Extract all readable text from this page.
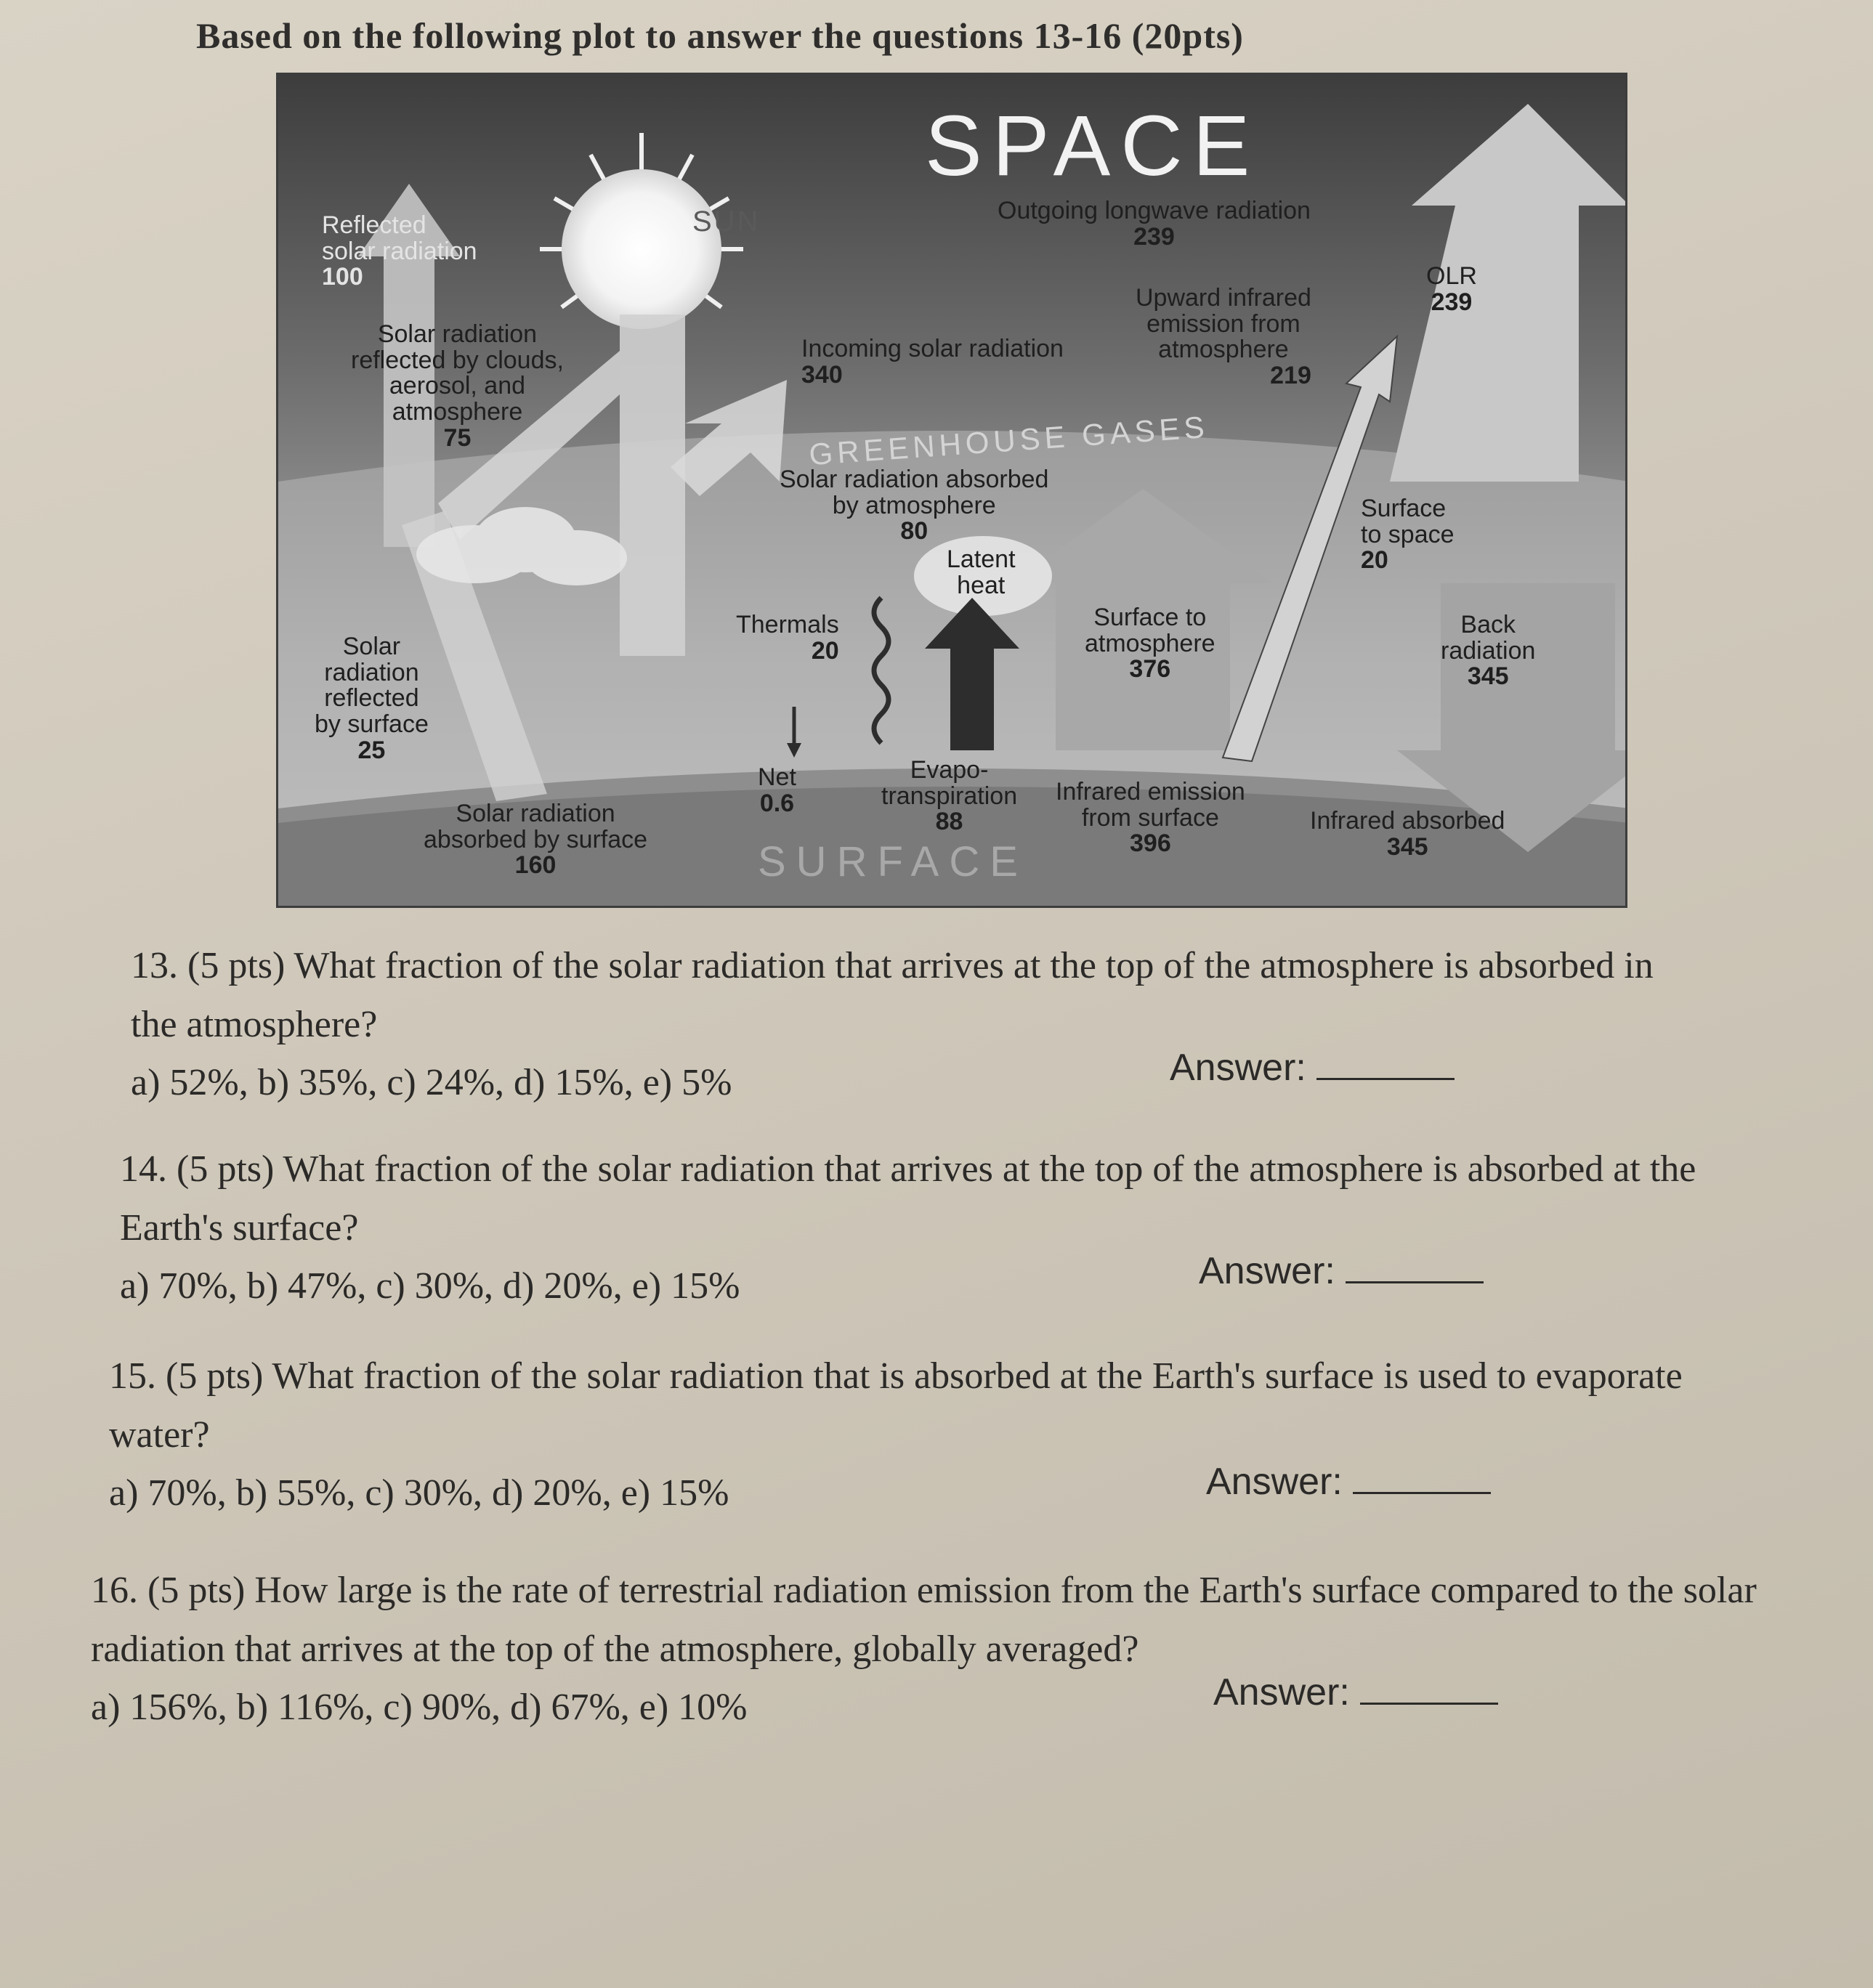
Based on the following plot to answer the questions 13-16 (20pts)
SPACE
SUN
GREENHOUSE GASES
SURFACE
Reflected
solar radiation
100
Solar radiation
reflected by clouds,
aerosol, and
atmosphere
75
Incoming solar radiation
340
Outgoing longwave radiation
239
Upward infrared
emission from
atmosphere
219
OLR
239
Solar radiation absorbed
by atmosphere
80
Surface
to space
20
Latent
heat
Thermals
20
Surface to
atmosphere
376
Back
radiation
345
Solar
radiation
reflected
by surface
25
Net
0.6
Evapo-
transpiration
88
Infrared emission
from surface
396
Infrared absorbed
345
Solar radiation
absorbed by surface
160

13. (5 pts) What fraction of the solar radiation that arrives at the top of the atmosphere is absorbed in the atmosphere?

a) 52%, b) 35%, c) 24%, d) 15%, e) 5%	Answer:

14. (5 pts) What fraction of the solar radiation that arrives at the top of the atmosphere is absorbed at the Earth's surface?

a) 70%, b) 47%, c) 30%, d) 20%, e) 15%	Answer:

15. (5 pts) What fraction of the solar radiation that is absorbed at the Earth's surface is used to evaporate water?

a) 70%, b) 55%, c) 30%, d) 20%, e) 15%	Answer:

16. (5 pts) How large is the rate of terrestrial radiation emission from the Earth's surface compared to the solar radiation that arrives at the top of the atmosphere, globally averaged?

a) 156%, b) 116%, c) 90%, d) 67%, e) 10%	Answer:
